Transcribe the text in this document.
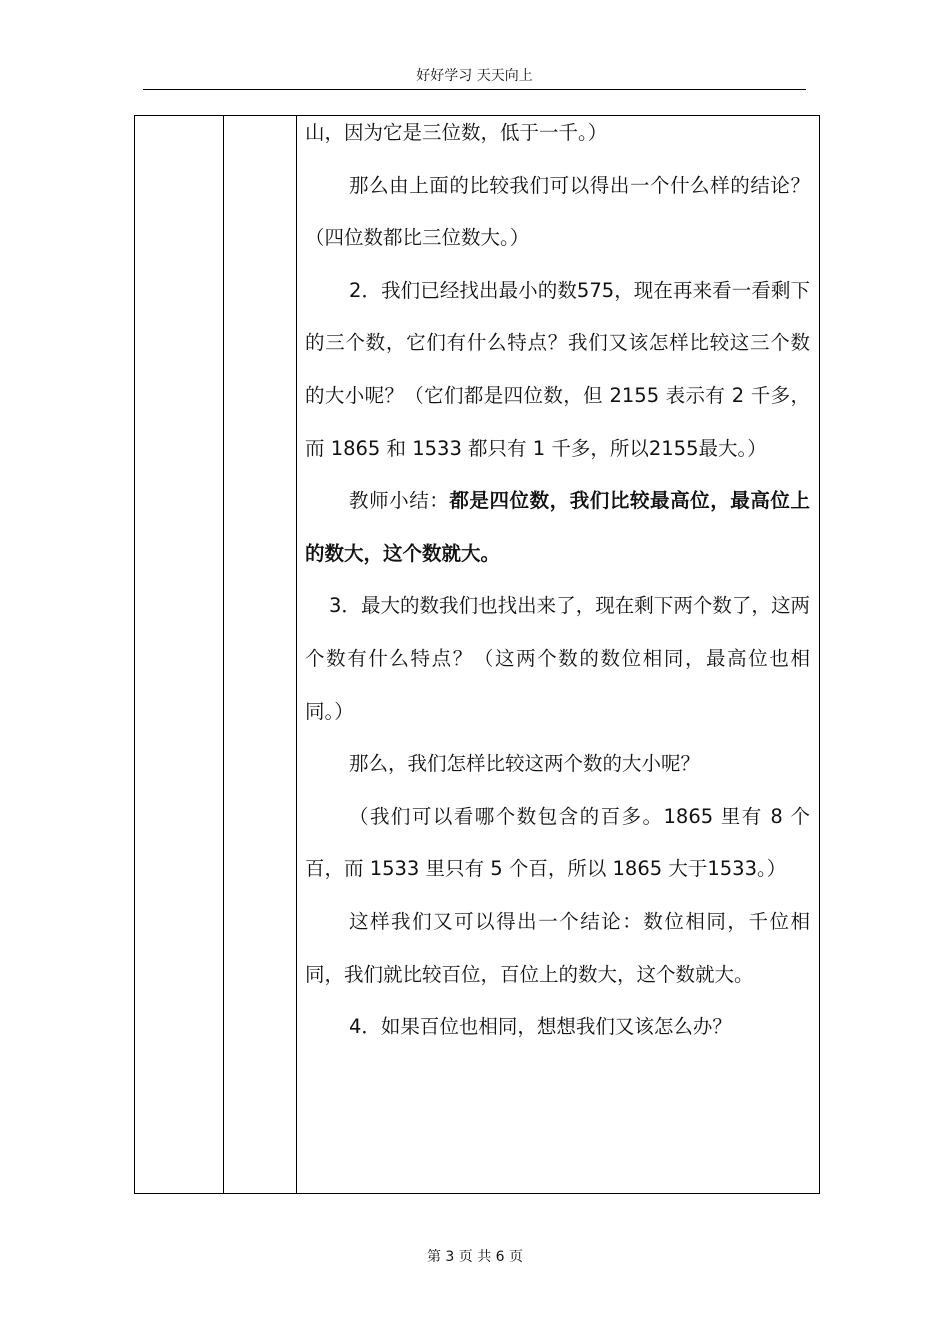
好好学习 天天向上

山，因为它是三位数，低于一千。）

那么由上面的比较我们可以得出一个什么样的结论？（四位数都比三位数大。）

2．我们已经找出最小的数575，现在再来看一看剩下的三个数，它们有什么特点？我们又该怎样比较这三个数的大小呢？（它们都是四位数，但 2155 表示有 2 千多，而 1865 和 1533 都只有 1 千多，所以2155最大。）

教师小结：都是四位数，我们比较最高位，最高位上的数大，这个数就大。

3．最大的数我们也找出来了，现在剩下两个数了，这两个数有什么特点？（这两个数的数位相同，最高位也相同。）

那么，我们怎样比较这两个数的大小呢？

（我们可以看哪个数包含的百多。1865 里有 8 个百，而 1533 里只有 5 个百，所以 1865 大于1533。）

这样我们又可以得出一个结论：数位相同，千位相同，我们就比较百位，百位上的数大，这个数就大。

4．如果百位也相同，想想我们又该怎么办？

第 3 页 共 6 页
